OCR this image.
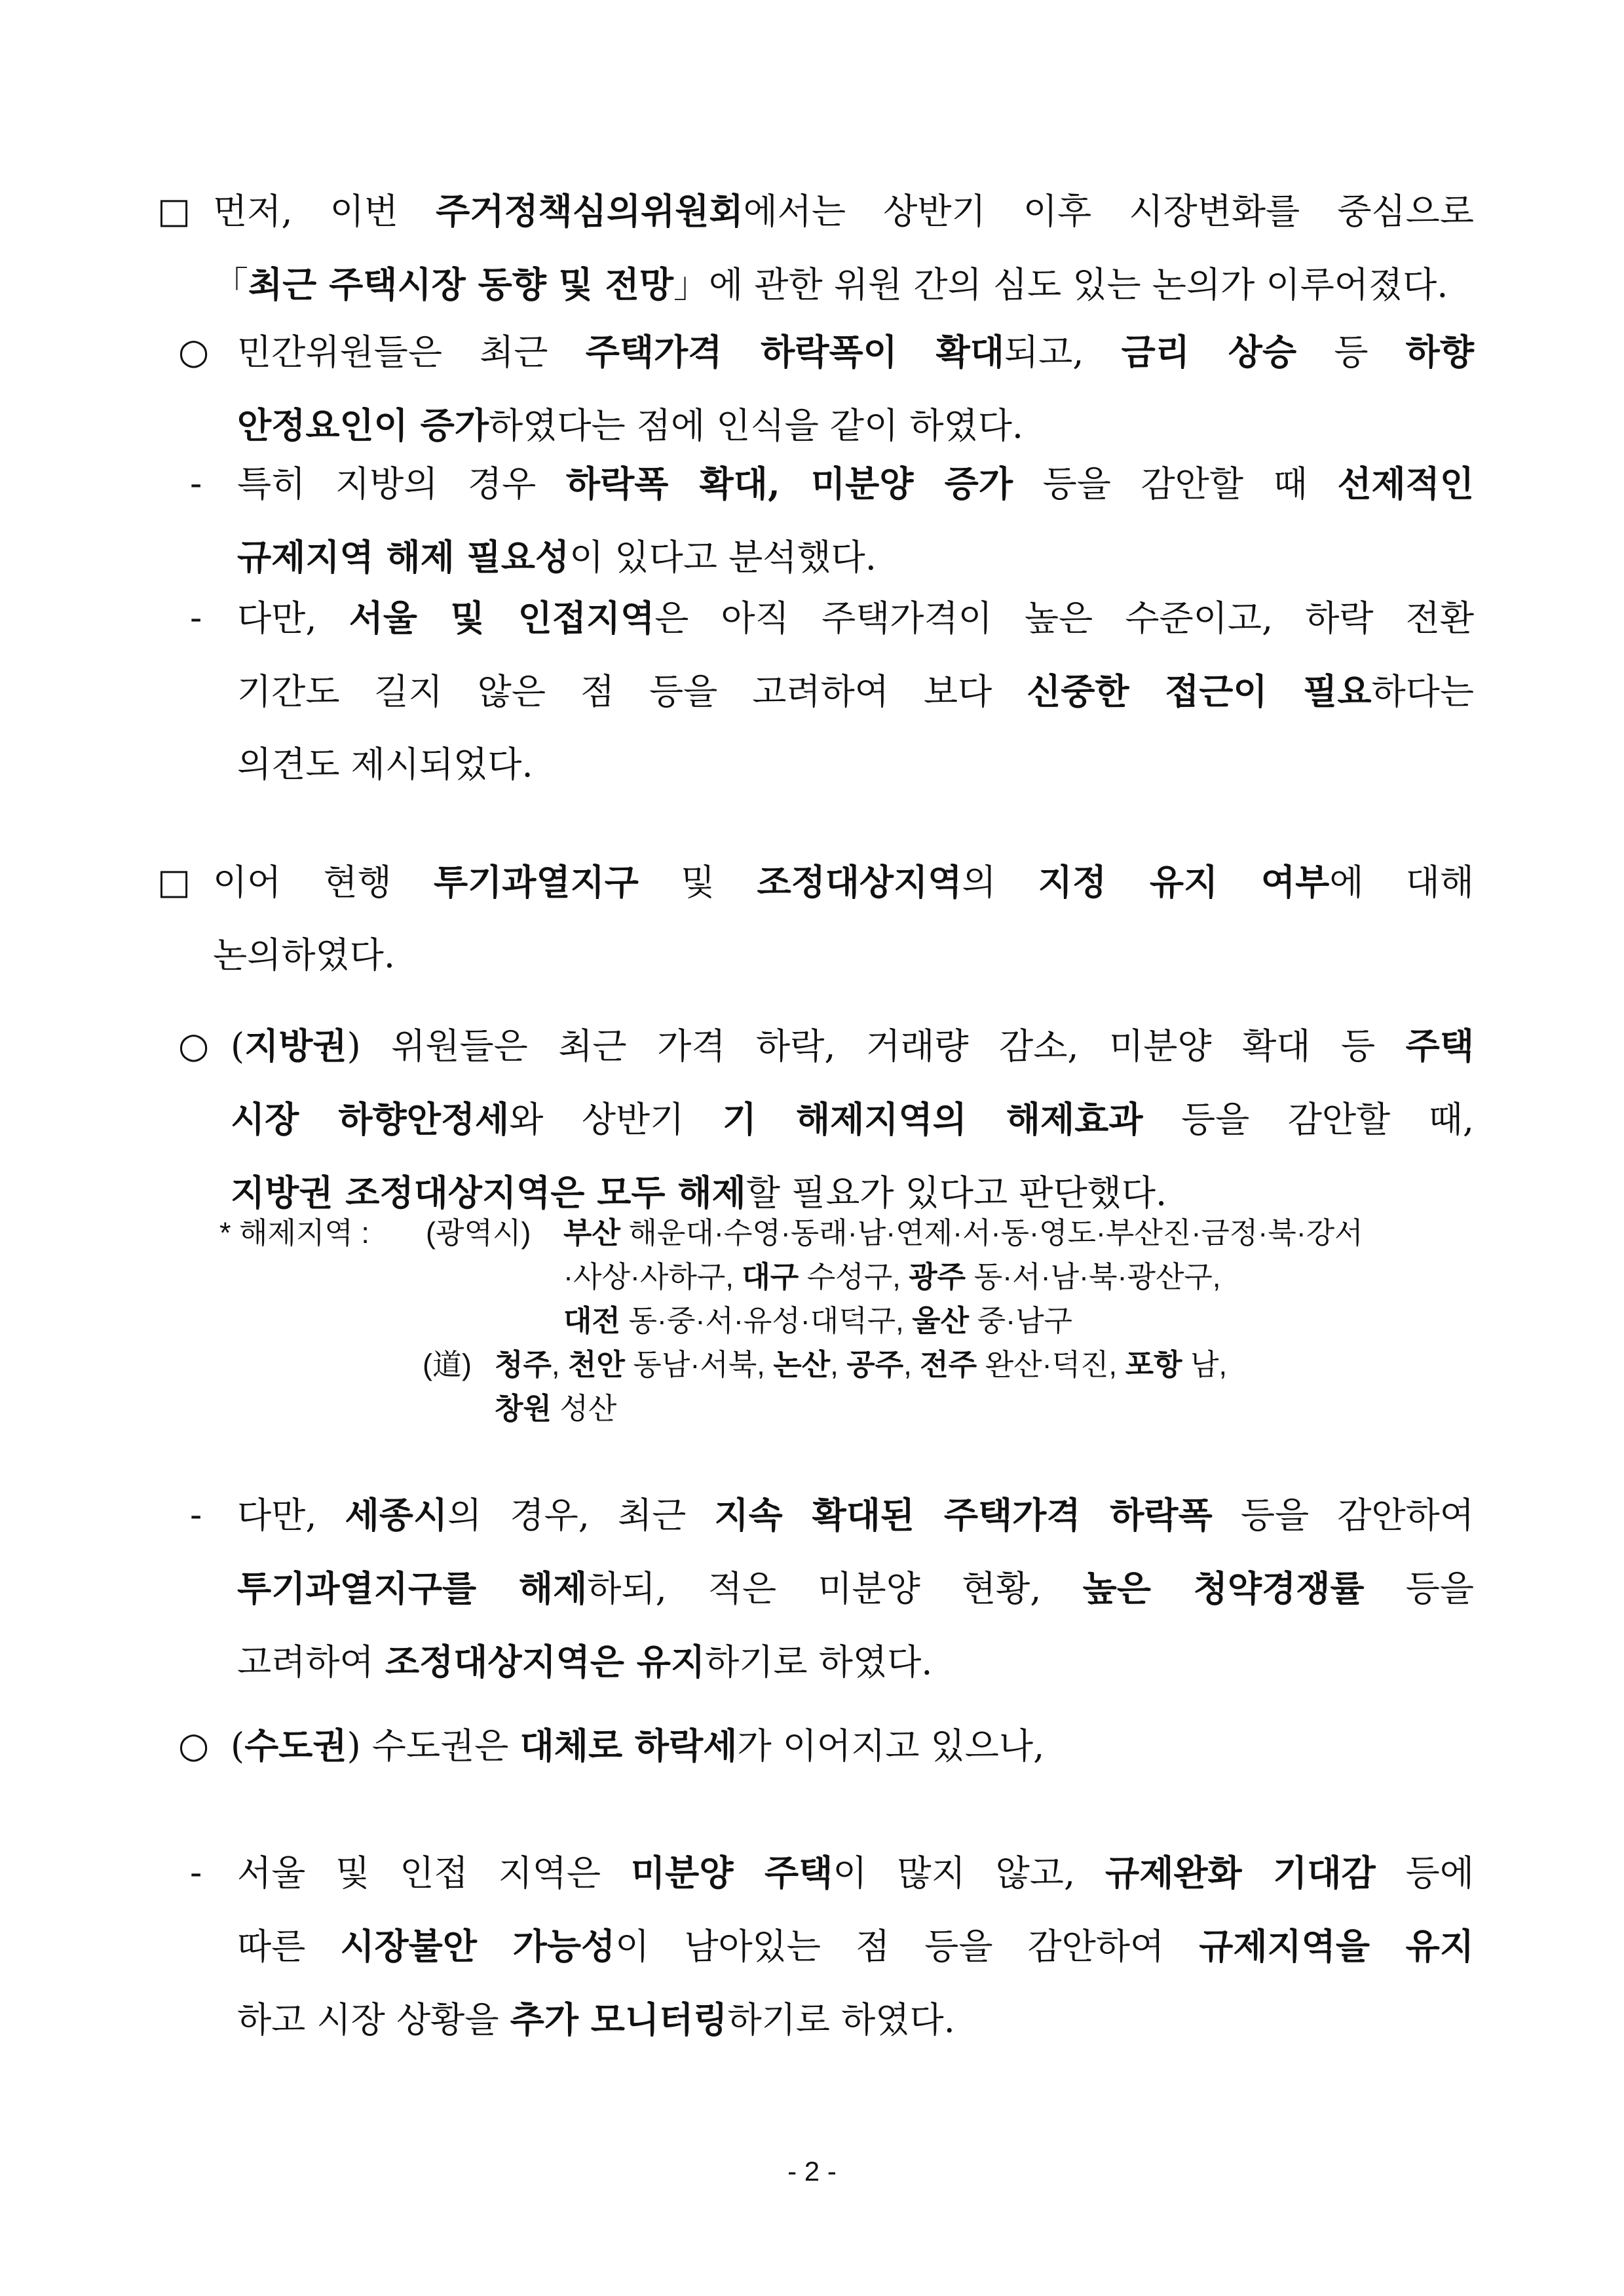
□ 먼저, 이번 주거정책심의위원회에서는 상반기 이후 시장변화를 중심으로
「최근 주택시장 동향 및 전망」에 관한 위원 간의 심도 있는 논의가 이루어졌다.
○ 민간위원들은 최근 주택가격 하락폭이 확대되고, 금리 상승 등 하향
안정요인이 증가하였다는 점에 인식을 같이 하였다.
- 특히 지방의 경우 하락폭 확대, 미분양 증가 등을 감안할 때 선제적인
규제지역 해제 필요성이 있다고 분석했다.
- 다만, 서울 및 인접지역은 아직 주택가격이 높은 수준이고, 하락 전환
기간도 길지 않은 점 등을 고려하여 보다 신중한 접근이 필요하다는
의견도 제시되었다.
□ 이어 현행 투기과열지구 및 조정대상지역의 지정 유지 여부에 대해
논의하였다.
○ (지방권) 위원들은 최근 가격 하락, 거래량 감소, 미분양 확대 등 주택
시장 하향안정세와 상반기 기 해제지역의 해제효과 등을 감안할 때,
지방권 조정대상지역은 모두 해제할 필요가 있다고 판단했다.
* 해제지역 : (광역시) 부산 해운대·수영·동래·남·연제·서·동·영도·부산진·금정·북·강서
·사상·사하구, 대구 수성구, 광주 동·서·남·북·광산구,
대전 동·중·서·유성·대덕구, 울산 중·남구

(道) 청주, 천안 동남·서북, 논산, 공주, 전주 완산·덕진, 포항 남,
창원 성산

- 다만, 세종시의 경우, 최근 지속 확대된 주택가격 하락폭 등을 감안하여
투기과열지구를 해제하되, 적은 미분양 현황, 높은 청약경쟁률 등을
고려하여 조정대상지역은 유지하기로 하였다.
○ (수도권) 수도권은 대체로 하락세가 이어지고 있으나,
- 서울 및 인접 지역은 미분양 주택이 많지 않고, 규제완화 기대감 등에
따른 시장불안 가능성이 남아있는 점 등을 감안하여 규제지역을 유지
하고 시장 상황을 추가 모니터링하기로 하였다.
- 2 -
